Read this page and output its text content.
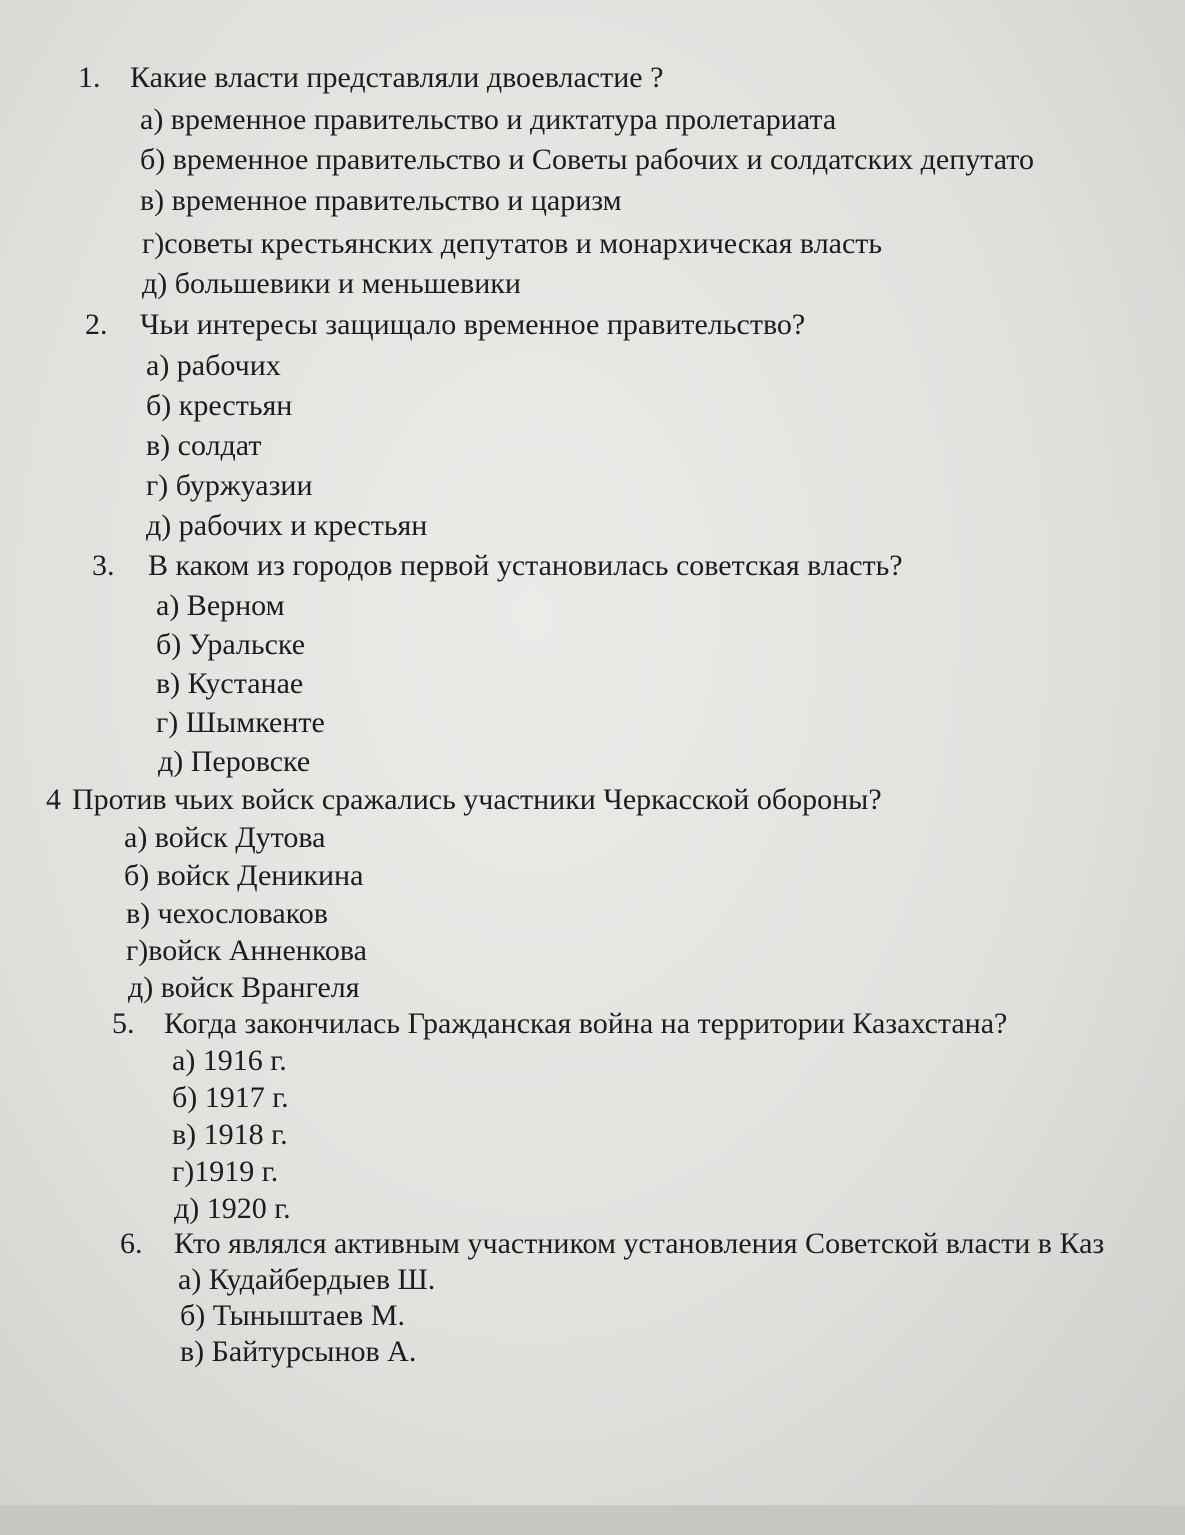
1. Какие власти представляли двоевластие ?
а) временное правительство и диктатура пролетариата
б) временное правительство и Советы рабочих и солдатских депутато
в) временное правительство и царизм
г)советы крестьянских депутатов и монархическая власть
д) большевики и меньшевики
2. Чьи интересы защищало временное правительство?
а) рабочих
б) крестьян
в) солдат
г) буржуазии
д) рабочих и крестьян
3. В каком из городов первой установилась советская власть?
а) Верном
б) Уральске
в) Кустанае
г) Шымкенте
д) Перовске
4 Против чьих войск сражались участники Черкасской обороны?
а) войск Дутова
б) войск Деникина
в) чехословаков
г)войск Анненкова
д) войск Врангеля
5. Когда закончилась Гражданская война на территории Казахстана?
а) 1916 г.
б) 1917 г.
в) 1918 г.
г)1919 г.
д) 1920 г.
6. Кто являлся активным участником установления Советской власти в Каз
а) Кудайбердыев Ш.
б) Тыныштаев М.
в) Байтурсынов А.
